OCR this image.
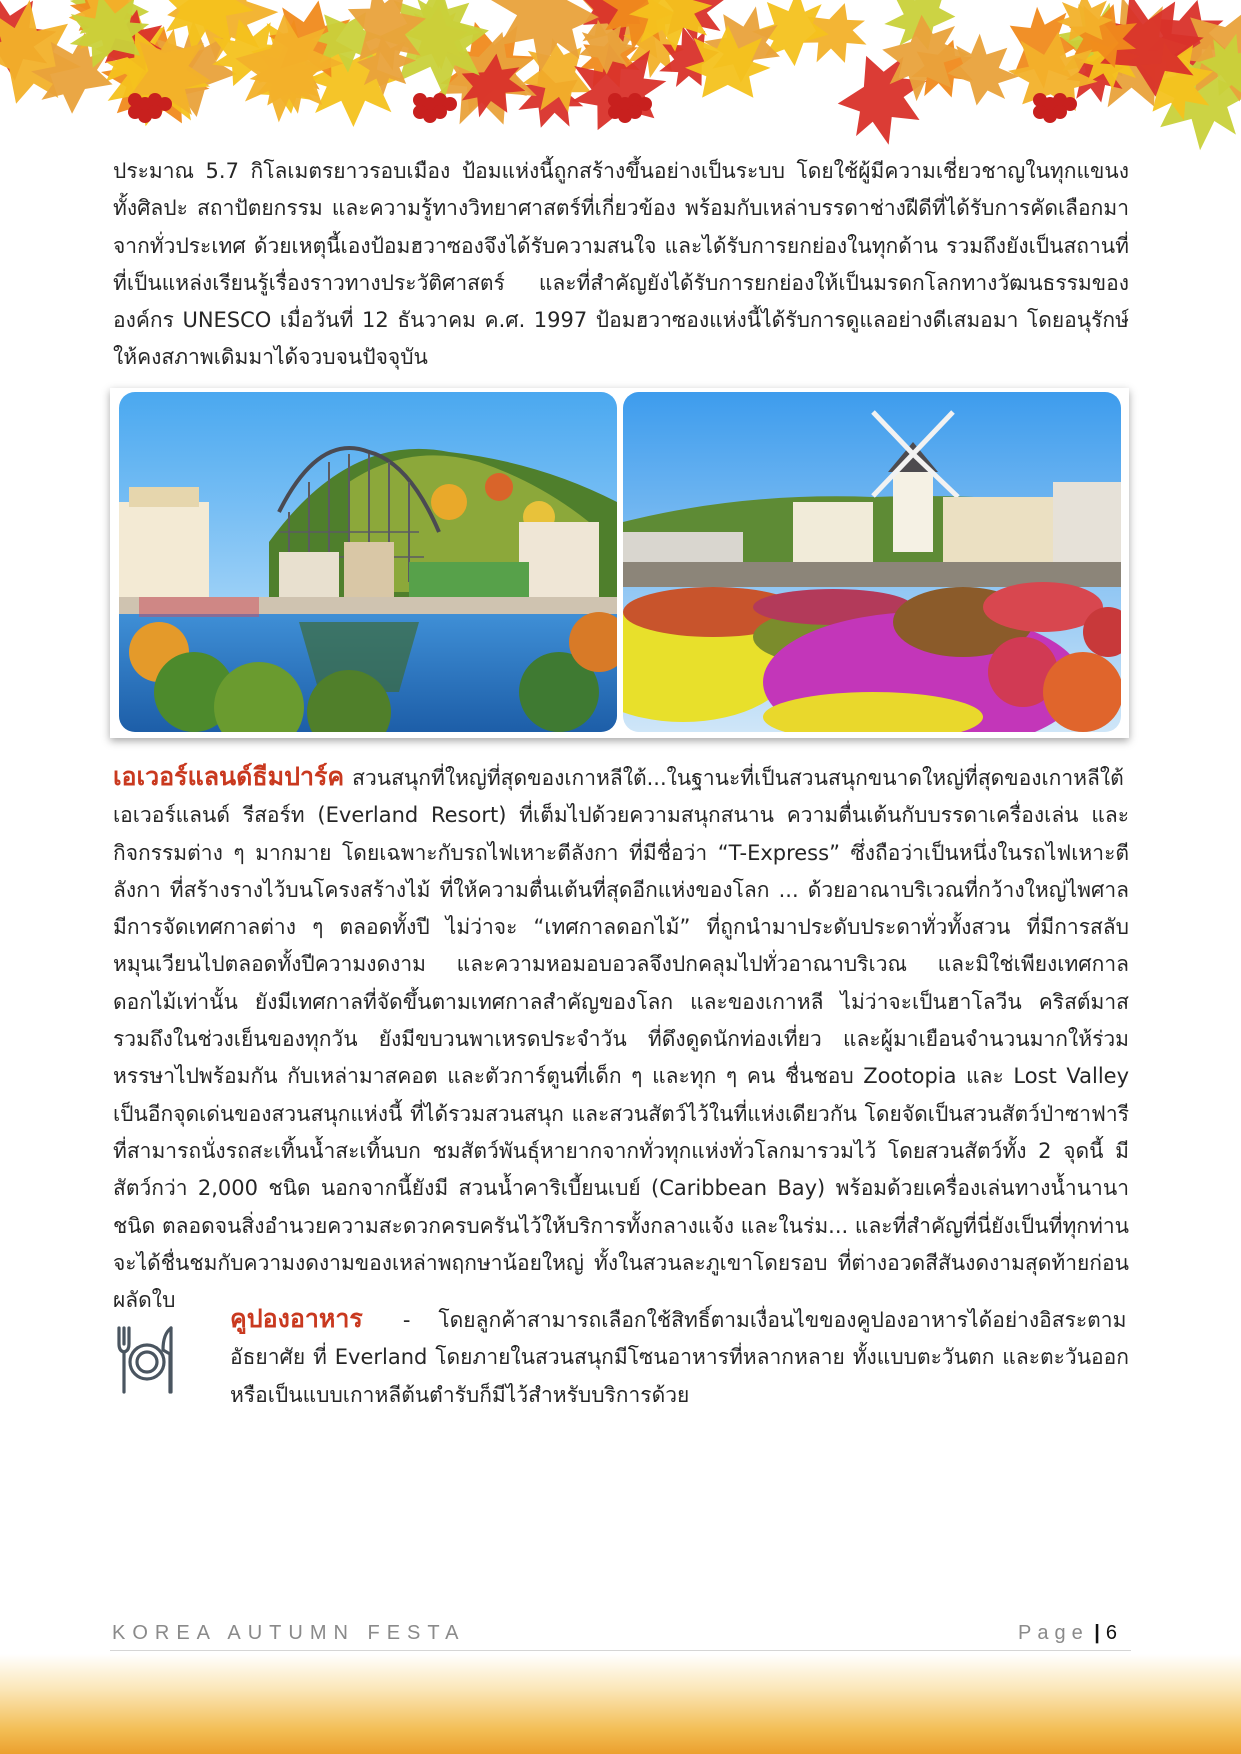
ประมาณ 5.7 กิโลเมตรยาวรอบเมือง ป้อมแห่งนี้ถูกสร้างขึ้นอย่างเป็นระบบ โดยใช้ผู้มีความเชี่ยวชาญในทุกแขนง ทั้งศิลปะ สถาปัตยกรรม และความรู้ทางวิทยาศาสตร์ที่เกี่ยวข้อง พร้อมกับเหล่าบรรดาช่างฝีดีที่ได้รับการคัดเลือกมาจากทั่วประเทศ ด้วยเหตุนี้เองป้อมฮวาซองจึงได้รับความสนใจ และได้รับการยกย่องในทุกด้าน รวมถึงยังเป็นสถานที่ที่เป็นแหล่งเรียนรู้เรื่องราวทางประวัติศาสตร์ และที่สำคัญยังได้รับการยกย่องให้เป็นมรดกโลกทางวัฒนธรรมขององค์กร UNESCO เมื่อวันที่ 12 ธันวาคม ค.ศ. 1997 ป้อมฮวาซองแห่งนี้ได้รับการดูแลอย่างดีเสมอมา โดยอนุรักษ์ให้คงสภาพเดิมมาได้จวบจนปัจจุบัน

เอเวอร์แลนด์ธีมปาร์ค สวนสนุกที่ใหญ่ที่สุดของเกาหลีใต้...ในฐานะที่เป็นสวนสนุกขนาดใหญ่ที่สุดของเกาหลีใต้ เอเวอร์แลนด์ รีสอร์ท (Everland Resort) ที่เต็มไปด้วยความสนุกสนาน ความตื่นเต้นกับบรรดาเครื่องเล่น และกิจกรรมต่าง ๆ มากมาย โดยเฉพาะกับรถไฟเหาะตีลังกา ที่มีชื่อว่า “T-Express” ซึ่งถือว่าเป็นหนึ่งในรถไฟเหาะตีลังกา ที่สร้างรางไว้บนโครงสร้างไม้ ที่ให้ความตื่นเต้นที่สุดอีกแห่งของโลก ... ด้วยอาณาบริเวณที่กว้างใหญ่ไพศาล มีการจัดเทศกาลต่าง ๆ ตลอดทั้งปี ไม่ว่าจะ “เทศกาลดอกไม้” ที่ถูกนำมาประดับประดาทั่วทั้งสวน ที่มีการสลับหมุนเวียนไปตลอดทั้งปีความงดงาม และความหอมอบอวลจึงปกคลุมไปทั่วอาณาบริเวณ และมิใช่เพียงเทศกาลดอกไม้เท่านั้น ยังมีเทศกาลที่จัดขึ้นตามเทศกาลสำคัญของโลก และของเกาหลี ไม่ว่าจะเป็นฮาโลวีน คริสต์มาส รวมถึงในช่วงเย็นของทุกวัน ยังมีขบวนพาเหรดประจำวัน ที่ดึงดูดนักท่องเที่ยว และผู้มาเยือนจำนวนมากให้ร่วมหรรษาไปพร้อมกัน กับเหล่ามาสคอต และตัวการ์ตูนที่เด็ก ๆ และทุก ๆ คน ชื่นชอบ Zootopia และ Lost Valley เป็นอีกจุดเด่นของสวนสนุกแห่งนี้ ที่ได้รวมสวนสนุก และสวนสัตว์ไว้ในที่แห่งเดียวกัน โดยจัดเป็นสวนสัตว์ป่าซาฟารี ที่สามารถนั่งรถสะเทิ้นน้ำสะเทิ้นบก ชมสัตว์พันธุ์หายากจากทั่วทุกแห่งทั่วโลกมารวมไว้ โดยสวนสัตว์ทั้ง 2 จุดนี้ มีสัตว์กว่า 2,000 ชนิด นอกจากนี้ยังมี สวนน้ำคาริเบี้ยนเบย์ (Caribbean Bay) พร้อมด้วยเครื่องเล่นทางน้ำนานาชนิด ตลอดจนสิ่งอำนวยความสะดวกครบครันไว้ให้บริการทั้งกลางแจ้ง และในร่ม... และที่สำคัญที่นี่ยังเป็นที่ทุกท่านจะได้ชื่นชมกับความงดงามของเหล่าพฤกษาน้อยใหญ่ ทั้งในสวนละภูเขาโดยรอบ ที่ต่างอวดสีสันงดงามสุดท้ายก่อนผลัดใบ

คูปองอาหาร - โดยลูกค้าสามารถเลือกใช้สิทธิ์ตามเงื่อนไขของคูปองอาหารได้อย่างอิสระตามอัธยาศัย ที่ Everland โดยภายในสวนสนุกมีโซนอาหารที่หลากหลาย ทั้งแบบตะวันตก และตะวันออก หรือเป็นแบบเกาหลีต้นตำรับก็มีไว้สำหรับบริการด้วย

KOREA AUTUMN FESTA	Page | 6
